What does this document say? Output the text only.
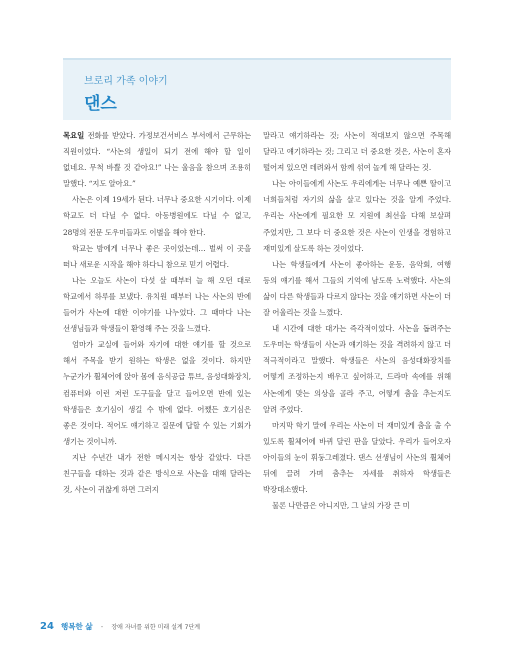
브로리 가족 이야기
댄스

목요일 전화를 받았다. 가정보건서비스 부서에서 근무하는 직원이었다. “사논의 생일이 되기 전에 해야 할 일이 없네요. 무척 바쁠 것 같아요!” 나는 울음을 참으며 조용히 말했다. “지도 알아요.”

사논은 이제 19세가 된다. 너무나 중요한 시기이다. 이제 학교도 더 다닐 수 없다. 아동병원에도 다닐 수 없고, 28명의 전문 도우미들과도 이별을 해야 한다.

학교는 밤에게 너무나 좋은 곳이었는데… 벌써 이 곳을 떠나 새로운 시작을 해야 하다니 참으로 믿기 어렵다.

나는 오늘도 사논이 다섯 살 때부터 늘 해 오던 대로 학교에서 하루를 보냈다. 유치원 때부터 나는 사논의 반에 들어가 사논에 대한 이야기를 나누었다. 그 때마다 나는 선생님들과 학생들이 환영해 주는 것을 느꼈다.

엄마가 교실에 들어와 자기에 대한 얘기를 할 것으로 해서 주목을 받기 원하는 학생은 없을 것이다. 하지만 누군가가 휠체어에 앉아 몸에 음식공급 튜브, 음성대화장치, 컴퓨터와 이런 저런 도구들을 달고 들어오면 반에 있는 학생들은 호기심이 생길 수 밖에 없다. 어쨌든 호기심은 좋은 것이다. 적어도 얘기하고 질문에 답할 수 있는 기회가 생기는 것이니까.

지난 수년간 내가 전한 메시지는 항상 같았다. 다른 친구들을 대하는 것과 같은 방식으로 사논을 대해 달라는 것, 사논이 귀찮게 하면 그러지

말라고 얘기하라는 것; 사논이 적대보지 않으면 주목해 달라고 얘기하라는 것; 그리고 더 중요한 것은, 사논이 혼자 떨어져 있으면 데려와서 함께 섞여 놀게 해 달라는 것.

나는 아이들에게 사논도 우리에게는 너무나 예쁜 딸이고 너희들처럼 자기의 삶을 살고 있다는 것을 알게 주었다. 우리는 사논에게 필요한 모 지원에 최선을 다해 보살펴 주었지만, 그 보다 더 중요한 것은 사논이 인생을 경험하고 재미있게 살도록 하는 것이었다.

나는 학생들에게 사논이 좋아하는 운동, 음악회, 여행 등의 얘기를 해서 그들의 기억에 남도록 노력했다. 사논의 삶이 다른 학생들과 다르지 않다는 것을 얘기하면 사논이 더 잘 어울리는 것을 느꼈다.

내 시간에 대한 대가는 즉각적이었다. 사논을 돕려주는 도우미는 학생들이 사논과 얘기하는 것을 격려하지 않고 더 적극적이라고 말했다. 학생들은 사논의 음성대화장치를 어떻게 조정하는지 배우고 싶어하고, 드라마 속에를 위해 사논에게 맞는 의상을 골라 주고, 어떻게 춤을 추는지도 알려 주었다.

마지막 학기 말에 우리는 사논이 더 재미있게 춤을 출 수 있도록 휠체어에 바퀴 달린 판을 달았다. 우리가 들어오자 아이들의 눈이 휘둥그레졌다. 댄스 선생님이 사논의 휠체어 뒤에 끌려 가며 춤추는 자세를 취하자 학생들은 박장대소했다.

물론 나만큼은 아니지만, 그 날의 가장 큰 미

24 행복한 삶 - 장애 자녀를 위한 미래 설계 7단계
